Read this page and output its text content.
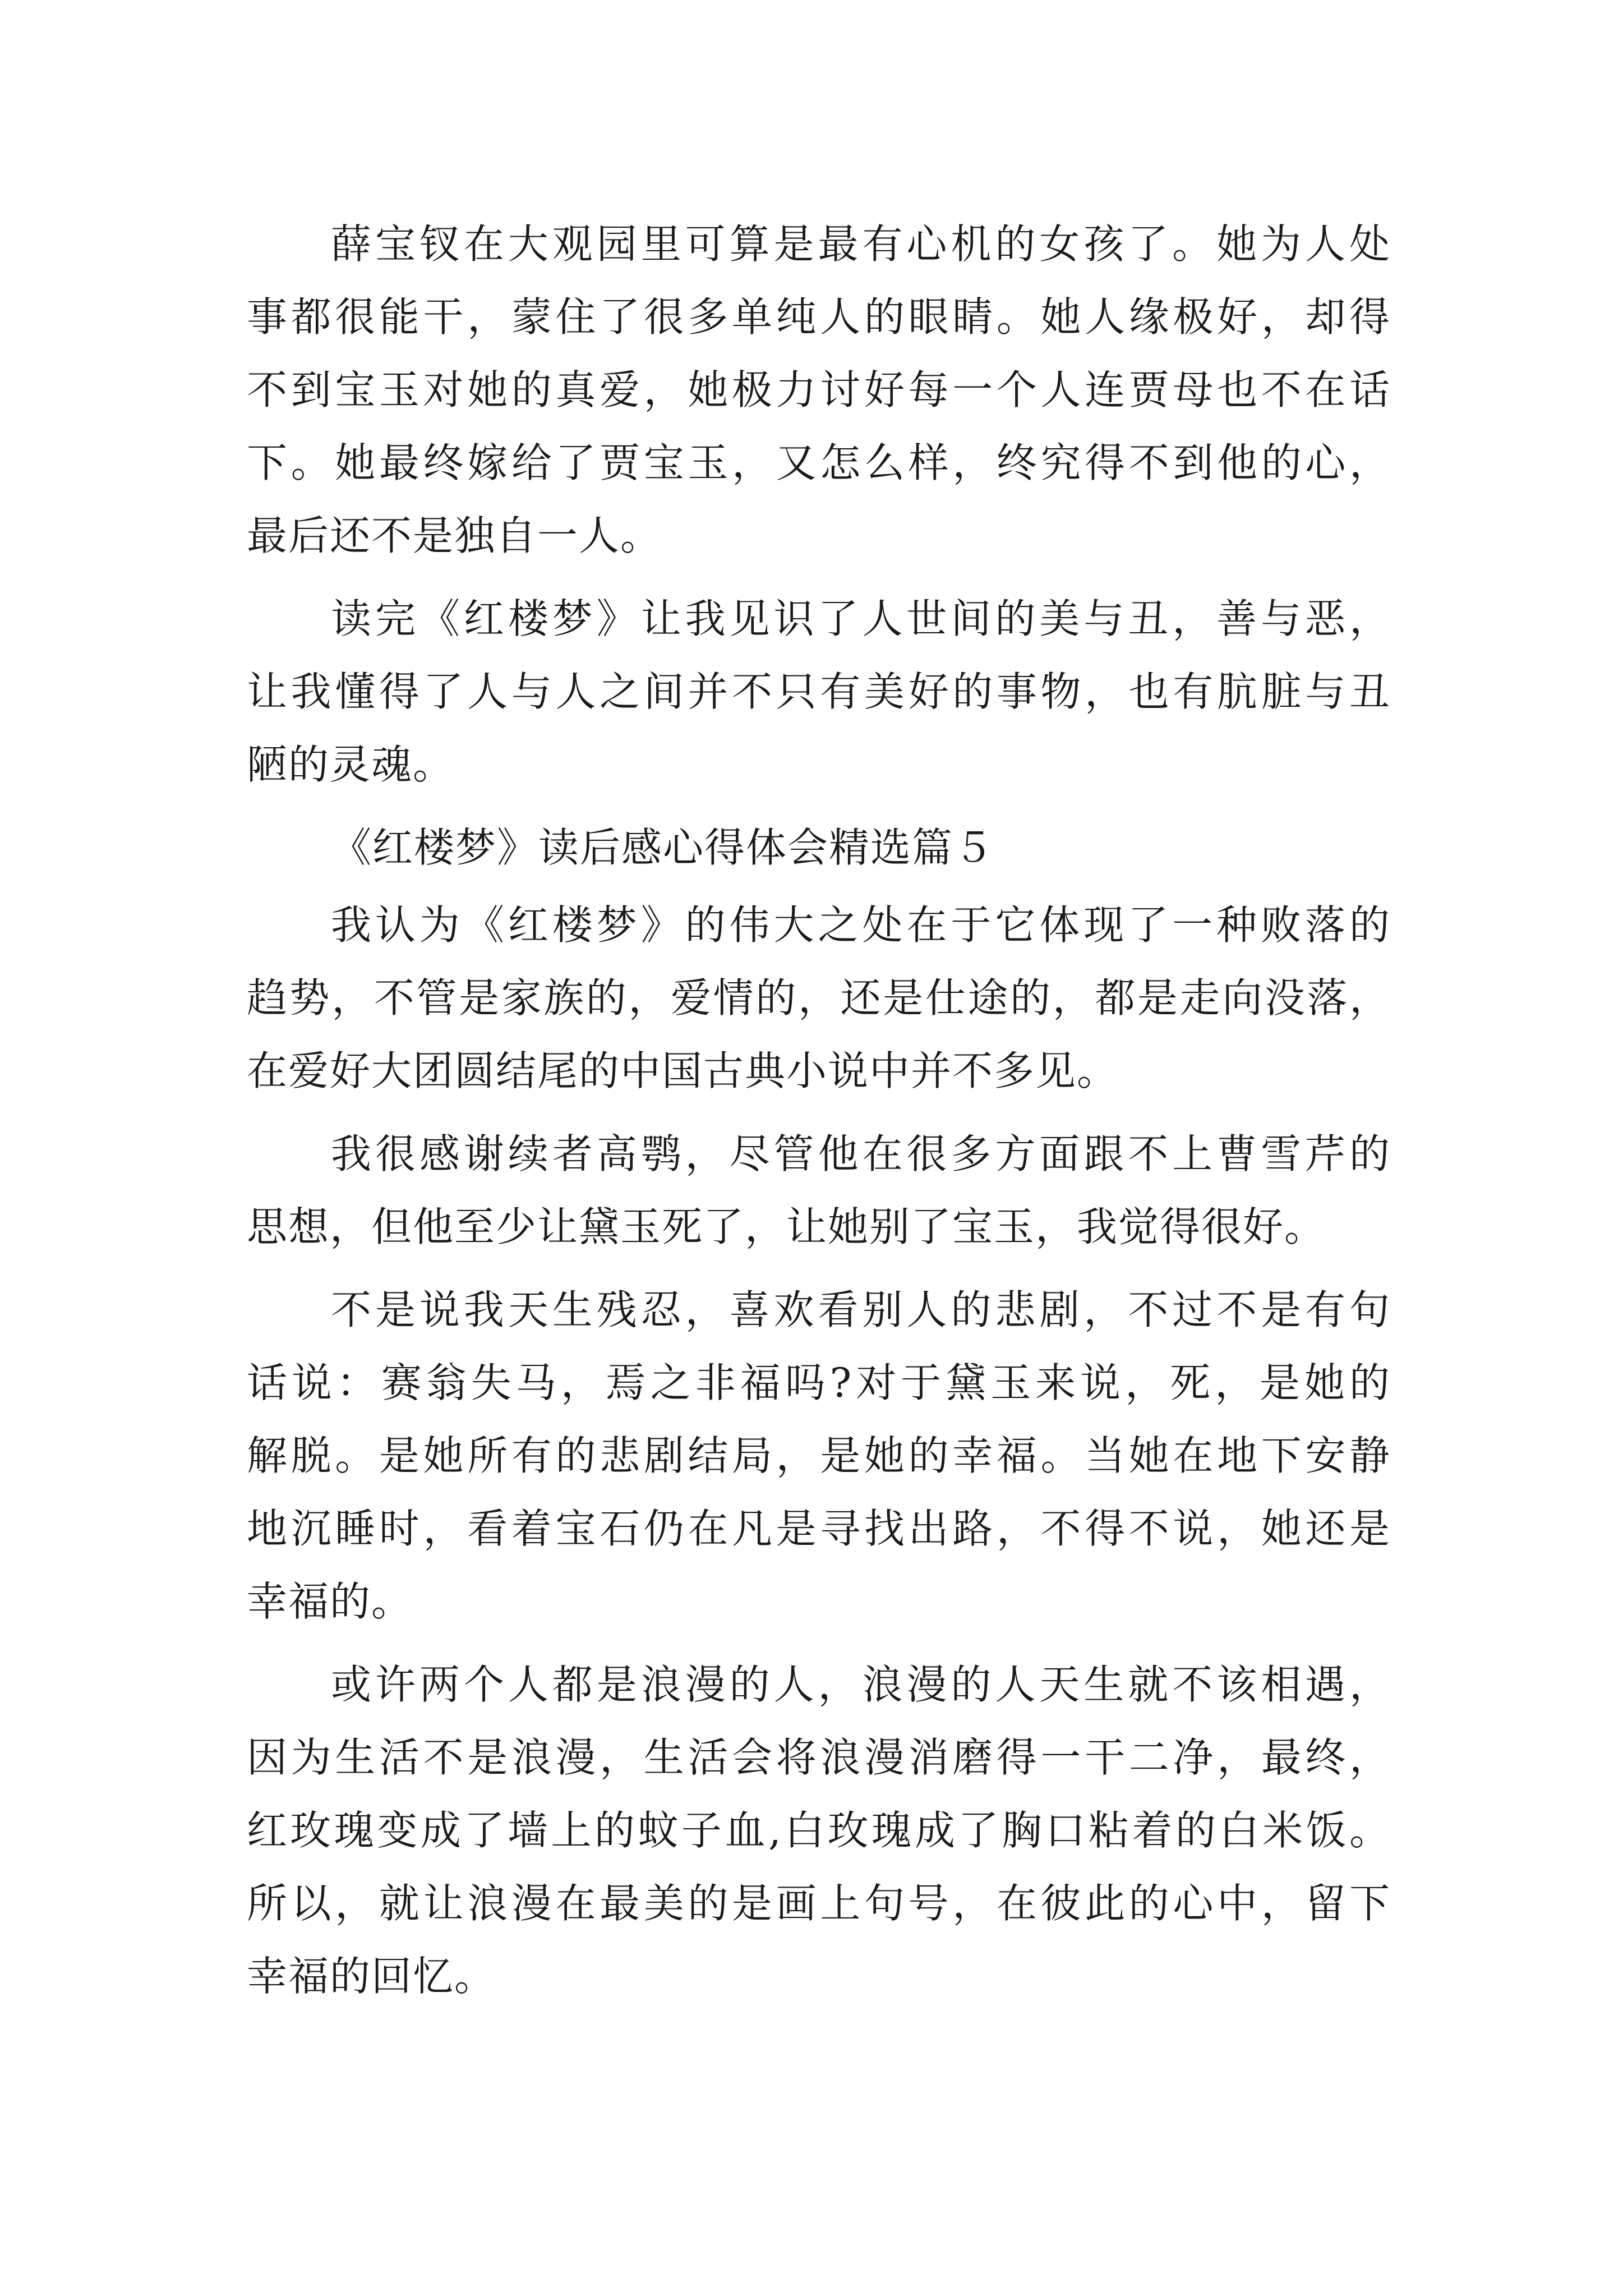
薛宝钗在大观园里可算是最有心机的女孩了。她为人处
事都很能干，蒙住了很多单纯人的眼睛。她人缘极好，却得
不到宝玉对她的真爱，她极力讨好每一个人连贾母也不在话
下。她最终嫁给了贾宝玉，又怎么样，终究得不到他的心，
最后还不是独自一人。
读完《红楼梦》让我见识了人世间的美与丑，善与恶，
让我懂得了人与人之间并不只有美好的事物，也有肮脏与丑
陋的灵魂。
《红楼梦》读后感心得体会精选篇５
我认为《红楼梦》的伟大之处在于它体现了一种败落的
趋势，不管是家族的，爱情的，还是仕途的，都是走向没落，
在爱好大团圆结尾的中国古典小说中并不多见。
我很感谢续者高鹗，尽管他在很多方面跟不上曹雪芹的
思想，但他至少让黛玉死了，让她别了宝玉，我觉得很好。
不是说我天生残忍，喜欢看别人的悲剧，不过不是有句
话说：赛翁失马，焉之非福吗?对于黛玉来说，死，是她的
解脱。是她所有的悲剧结局，是她的幸福。当她在地下安静
地沉睡时，看着宝石仍在凡是寻找出路，不得不说，她还是
幸福的。
或许两个人都是浪漫的人，浪漫的人天生就不该相遇，
因为生活不是浪漫，生活会将浪漫消磨得一干二净，最终，
红玫瑰变成了墙上的蚊子血,白玫瑰成了胸口粘着的白米饭。
所以，就让浪漫在最美的是画上句号，在彼此的心中，留下
幸福的回忆。
